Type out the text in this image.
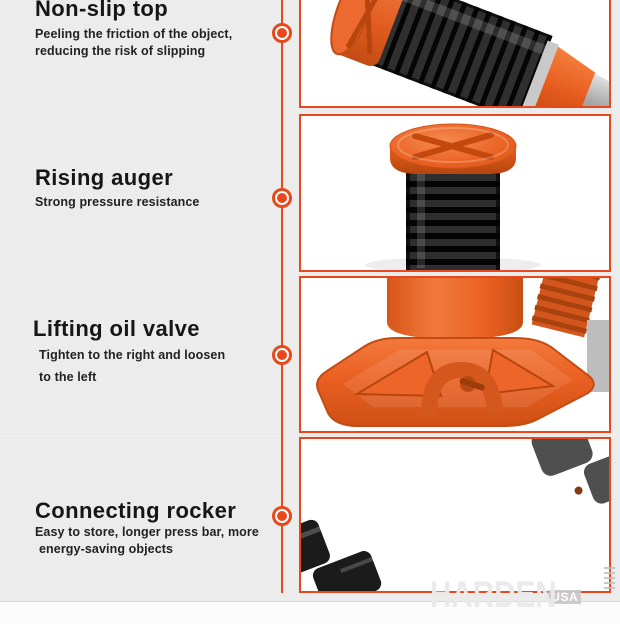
Non-slip top
Peeling the friction of the object,
reducing the risk of slipping
Rising auger
Strong pressure resistance
Lifting oil valve
Tighten to the right and loosen
to the left
Connecting rocker
Easy to store, longer press bar, more
energy-saving objects
HARDENUSA
